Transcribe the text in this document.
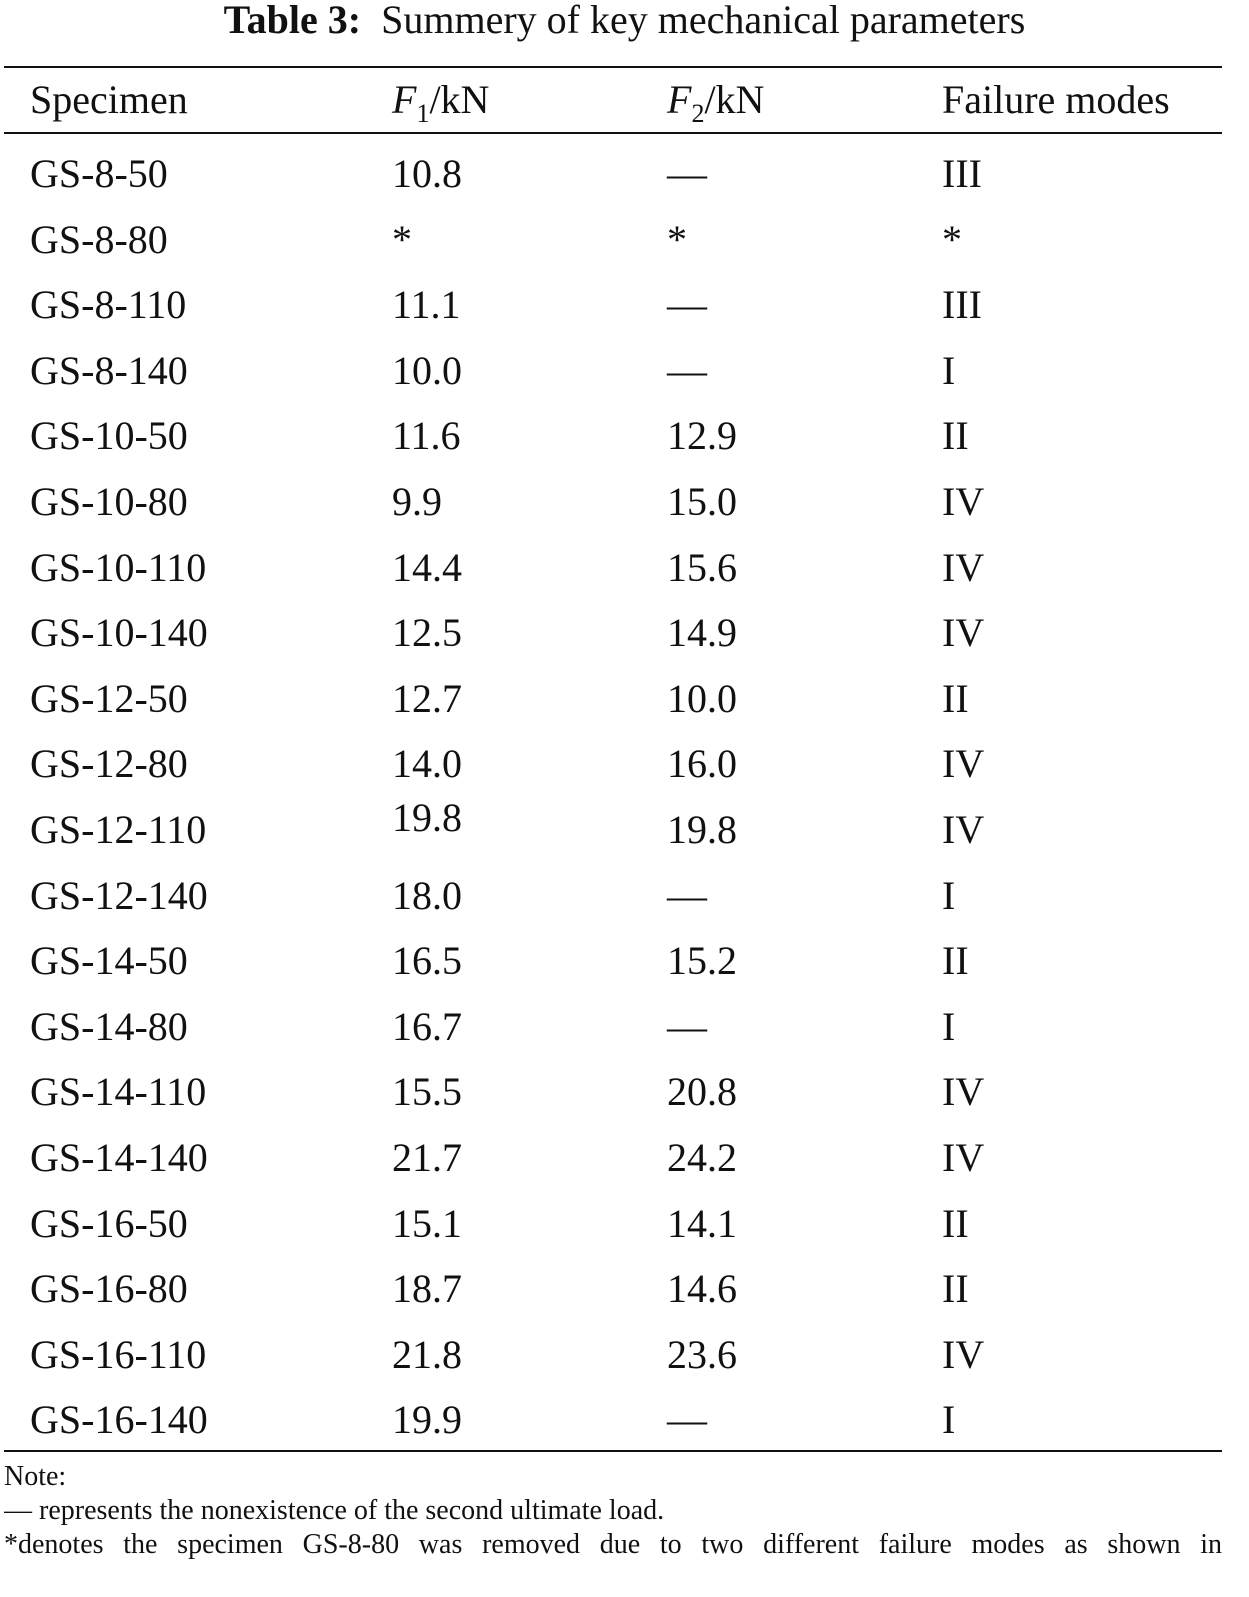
Table 3: Summery of key mechanical parameters
Specimen	$F_1/kN$	$F_2/kN$	Failure modes
GS-8-50	10.8	—	III
GS-8-80	*	*	*
GS-8-110	11.1	—	III
GS-8-140	10.0	—	I
GS-10-50	11.6	12.9	II
GS-10-80	9.9	15.0	IV
GS-10-110	14.4	15.6	IV
GS-10-140	12.5	14.9	IV
GS-12-50	12.7	10.0	II
GS-12-80	14.0	16.0	IV
GS-12-110	19.8	19.8	IV
GS-12-140	18.0	—	I
GS-14-50	16.5	15.2	II
GS-14-80	16.7	—	I
GS-14-110	15.5	20.8	IV
GS-14-140	21.7	24.2	IV
GS-16-50	15.1	14.1	II
GS-16-80	18.7	14.6	II
GS-16-110	21.8	23.6	IV
GS-16-140	19.9	—	I
Note:
— represents the nonexistence of the second ultimate load.
*denotes the specimen GS-8-80 was removed due to two different failure modes as shown in
